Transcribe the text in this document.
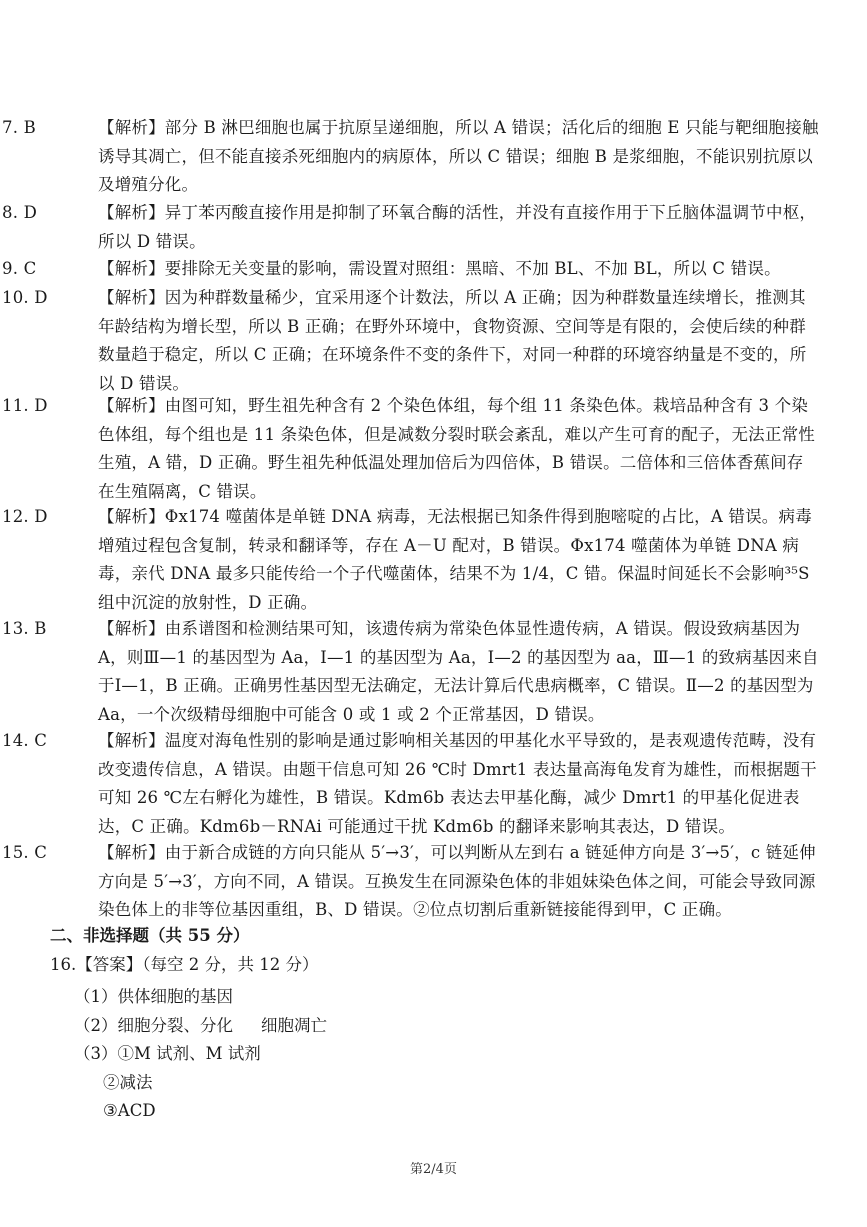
7. B	【解析】部分 B 淋巴细胞也属于抗原呈递细胞，所以 A 错误；活化后的细胞 E 只能与靶细胞接触诱导其凋亡，但不能直接杀死细胞内的病原体，所以 C 错误；细胞 B 是浆细胞，不能识别抗原以及增殖分化。
8. D	【解析】异丁苯丙酸直接作用是抑制了环氧合酶的活性，并没有直接作用于下丘脑体温调节中枢，所以 D 错误。
9. C	【解析】要排除无关变量的影响，需设置对照组：黑暗、不加 BL、不加 BL，所以 C 错误。
10. D	【解析】因为种群数量稀少，宜采用逐个计数法，所以 A 正确；因为种群数量连续增长，推测其年龄结构为增长型，所以 B 正确；在野外环境中，食物资源、空间等是有限的，会使后续的种群数量趋于稳定，所以 C 正确；在环境条件不变的条件下，对同一种群的环境容纳量是不变的，所以 D 错误。
11. D	【解析】由图可知，野生祖先种含有 2 个染色体组，每个组 11 条染色体。栽培品种含有 3 个染色体组，每个组也是 11 条染色体，但是减数分裂时联会紊乱，难以产生可育的配子，无法正常性生殖，A 错，D 正确。野生祖先种低温处理加倍后为四倍体，B 错误。二倍体和三倍体香蕉间存在生殖隔离，C 错误。
12. D	【解析】Φx174 噬菌体是单链 DNA 病毒，无法根据已知条件得到胞嘧啶的占比，A 错误。病毒增殖过程包含复制，转录和翻译等，存在 A－U 配对，B 错误。Φx174 噬菌体为单链 DNA 病毒，亲代 DNA 最多只能传给一个子代噬菌体，结果不为 1/4，C 错。保温时间延长不会影响³⁵S 组中沉淀的放射性，D 正确。
13. B	【解析】由系谱图和检测结果可知，该遗传病为常染色体显性遗传病，A 错误。假设致病基因为 A，则Ⅲ—1 的基因型为 Aa，Ⅰ—1 的基因型为 Aa，Ⅰ—2 的基因型为 aa，Ⅲ—1 的致病基因来自于Ⅰ—1，B 正确。正确男性基因型无法确定，无法计算后代患病概率，C 错误。Ⅱ—2 的基因型为 Aa，一个次级精母细胞中可能含 0 或 1 或 2 个正常基因，D 错误。
14. C	【解析】温度对海龟性别的影响是通过影响相关基因的甲基化水平导致的，是表观遗传范畴，没有改变遗传信息，A 错误。由题干信息可知 26 ℃时 Dmrt1 表达量高海龟发育为雄性，而根据题干可知 26 ℃左右孵化为雄性，B 错误。Kdm6b 表达去甲基化酶，减少 Dmrt1 的甲基化促进表达，C 正确。Kdm6b－RNAi 可能通过干扰 Kdm6b 的翻译来影响其表达，D 错误。
15. C	【解析】由于新合成链的方向只能从 5′→3′，可以判断从左到右 a 链延伸方向是 3′→5′，c 链延伸方向是 5′→3′，方向不同，A 错误。互换发生在同源染色体的非姐妹染色体之间，可能会导致同源染色体上的非等位基因重组，B、D 错误。②位点切割后重新链接能得到甲，C 正确。
二、非选择题（共 55 分）
16.【答案】（每空 2 分，共 12 分）
（1）供体细胞的基因
（2）细胞分裂、分化 细胞凋亡
（3）①M 试剂、M 试剂
②减法
③ACD
第2/4页
